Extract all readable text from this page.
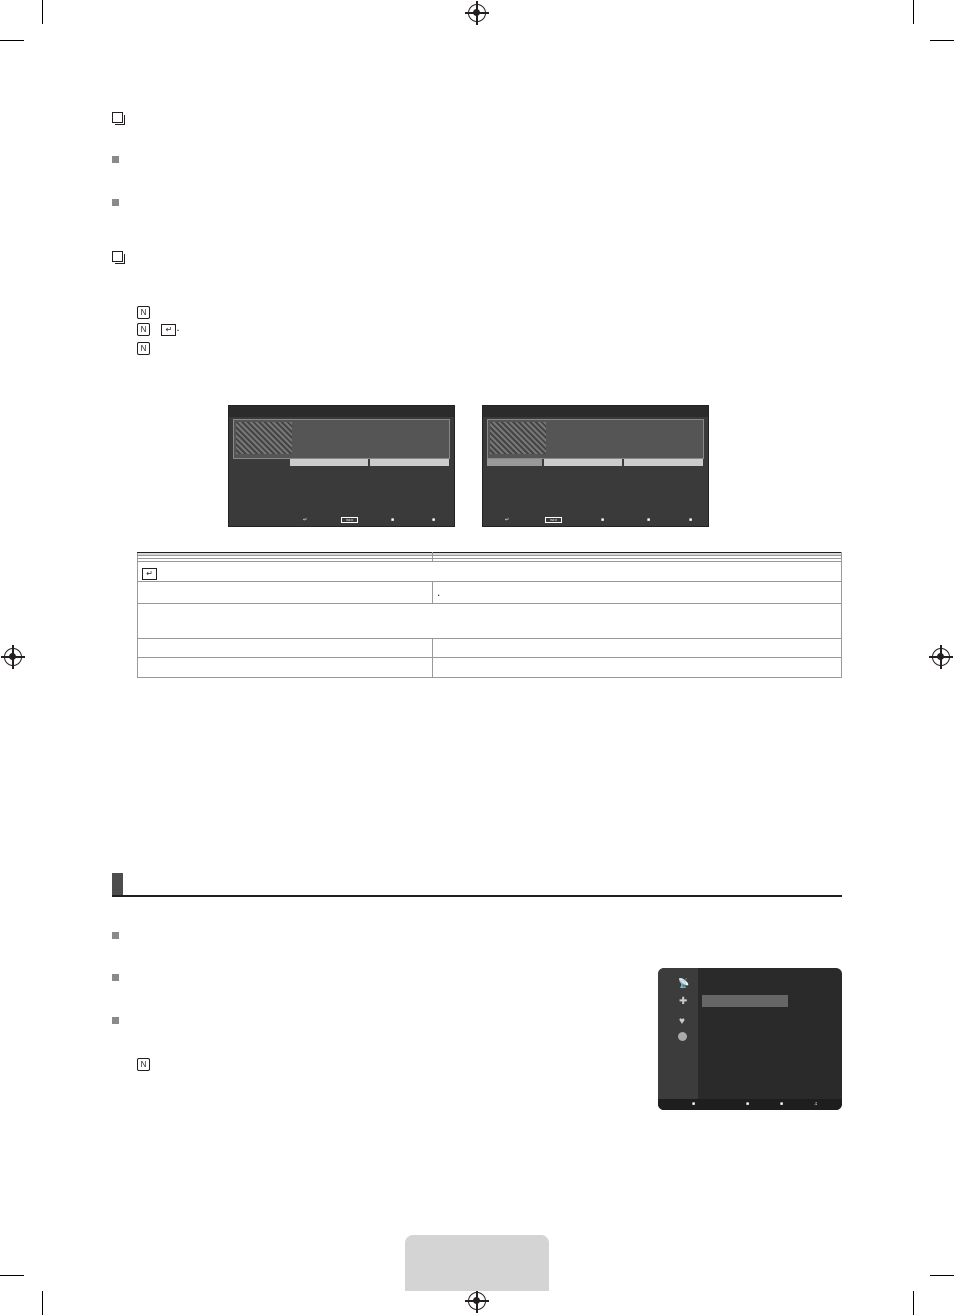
N
N ↵ .
N
↵	INFO	■	■	↵	INFO	■	■	■

↵	

	.

N

📡
✚
♥
■	■	■	♫
